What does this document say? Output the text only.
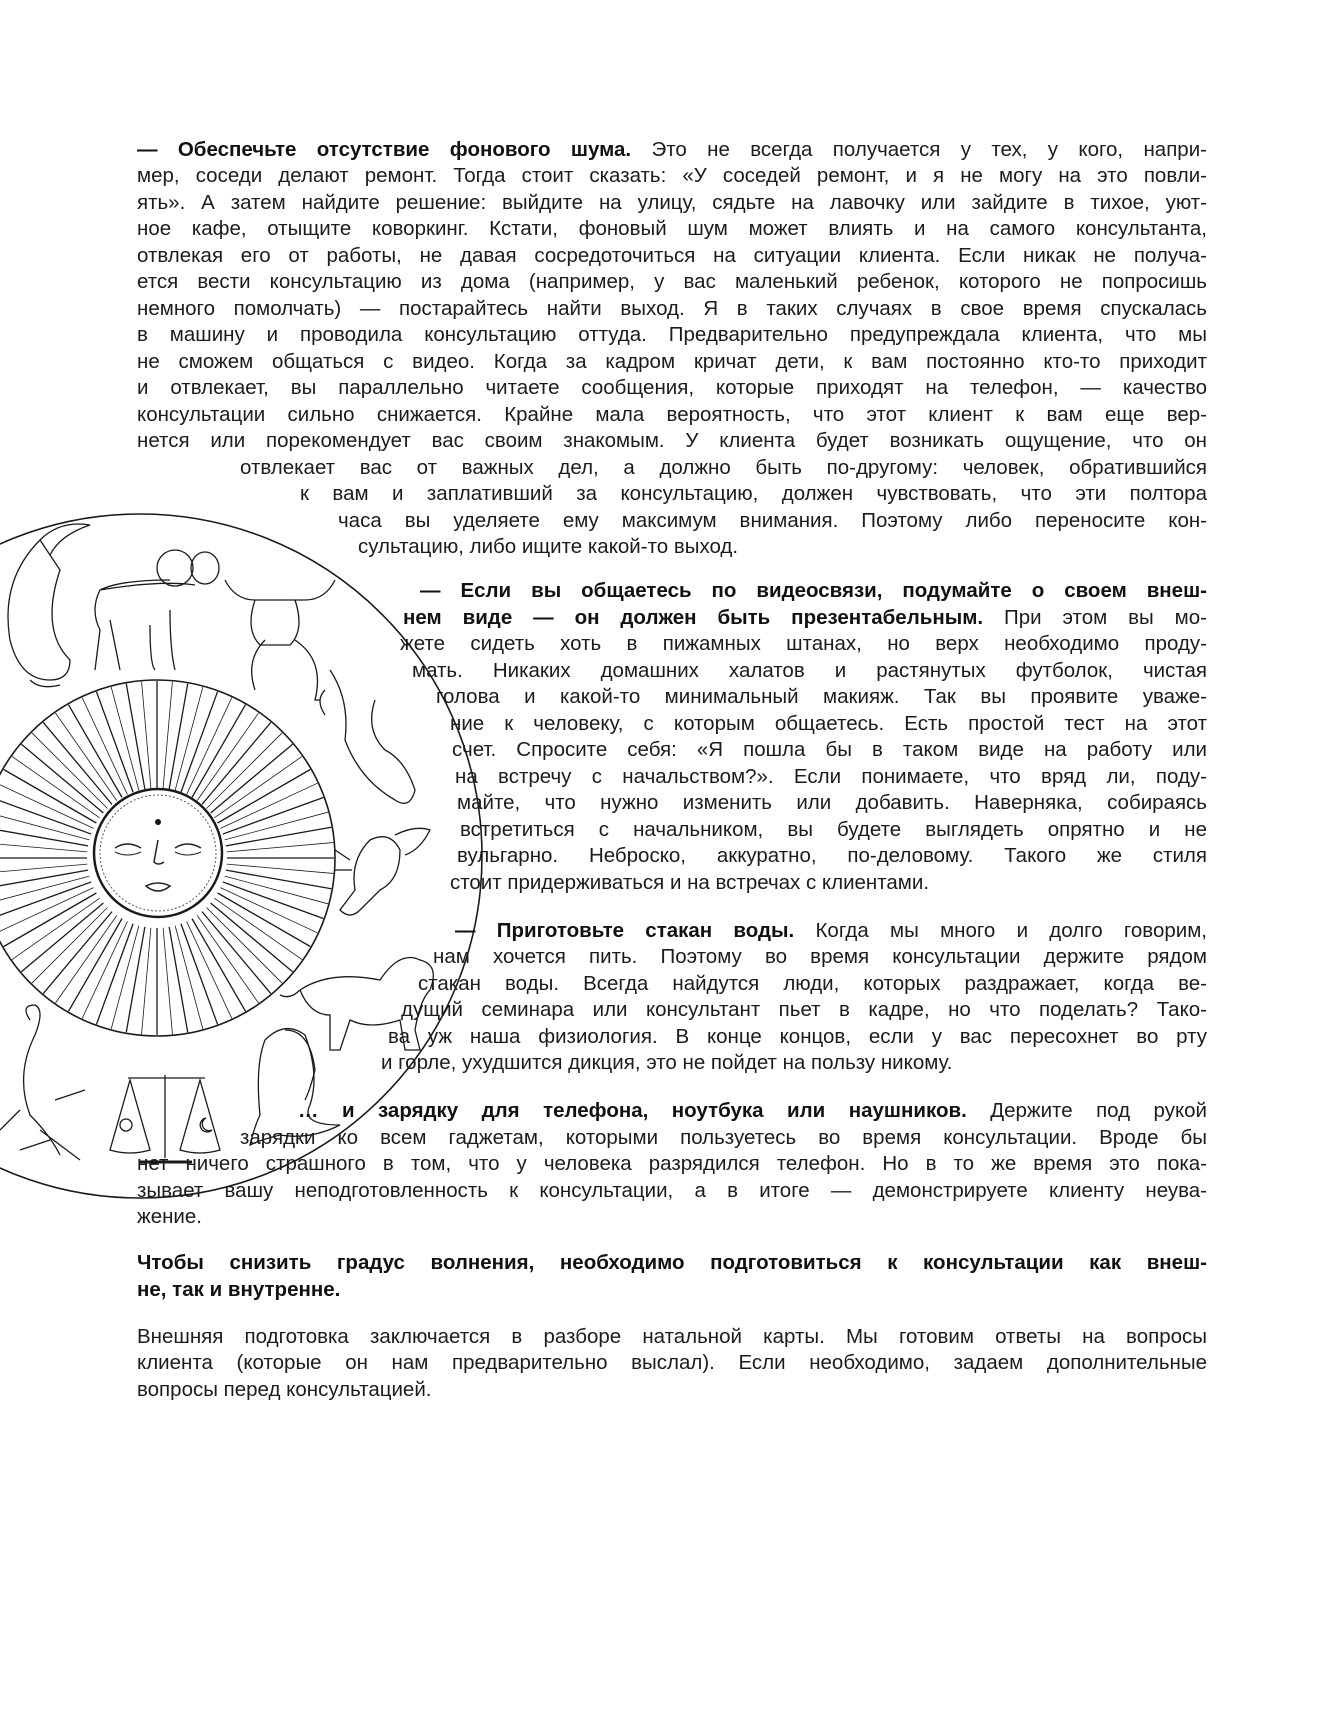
— Обеспечьте отсутствие фонового шума. Это не всегда получается у тех, у кого, напри-
мер, соседи делают ремонт. Тогда стоит сказать: «У соседей ремонт, и я не могу на это повли-
ять». А затем найдите решение: выйдите на улицу, сядьте на лавочку или зайдите в тихое, уют-
ное кафе, отыщите коворкинг. Кстати, фоновый шум может влиять и на самого консультанта,
отвлекая его от работы, не давая сосредоточиться на ситуации клиента. Если никак не получа-
ется вести консультацию из дома (например, у вас маленький ребенок, которого не попросишь
немного помолчать) — постарайтесь найти выход. Я в таких случаях в свое время спускалась
в машину и проводила консультацию оттуда. Предварительно предупреждала клиента, что мы
не сможем общаться с видео. Когда за кадром кричат дети, к вам постоянно кто-то приходит
и отвлекает, вы параллельно читаете сообщения, которые приходят на телефон, — качество
консультации сильно снижается. Крайне мала вероятность, что этот клиент к вам еще вер-
нется или порекомендует вас своим знакомым. У клиента будет возникать ощущение, что он
отвлекает вас от важных дел, а должно быть по-другому: человек, обратившийся
к вам и заплативший за консультацию, должен чувствовать, что эти полтора
часа вы уделяете ему максимум внимания. Поэтому либо переносите кон-
сультацию, либо ищите какой-то выход.
— Если вы общаетесь по видеосвязи, подумайте о своем внеш-
нем виде — он должен быть презентабельным. При этом вы мо-
жете сидеть хоть в пижамных штанах, но верх необходимо проду-
мать. Никаких домашних халатов и растянутых футболок, чистая
голова и какой-то минимальный макияж. Так вы проявите уваже-
ние к человеку, с которым общаетесь. Есть простой тест на этот
счет. Спросите себя: «Я пошла бы в таком виде на работу или
на встречу с начальством?». Если понимаете, что вряд ли, поду-
майте, что нужно изменить или добавить. Наверняка, собираясь
встретиться с начальником, вы будете выглядеть опрятно и не
вульгарно. Неброско, аккуратно, по-деловому. Такого же стиля
стоит придерживаться и на встречах с клиентами.
— Приготовьте стакан воды. Когда мы много и долго говорим,
нам хочется пить. Поэтому во время консультации держите рядом
стакан воды. Всегда найдутся люди, которых раздражает, когда ве-
дущий семинара или консультант пьет в кадре, но что поделать? Тако-
ва уж наша физиология. В конце концов, если у вас пересохнет во рту
и горле, ухудшится дикция, это не пойдет на пользу никому.
… и зарядку для телефона, ноутбука или наушников. Держите под рукой
зарядки ко всем гаджетам, которыми пользуетесь во время консультации. Вроде бы
нет ничего страшного в том, что у человека разрядился телефон. Но в то же время это пока-
зывает вашу неподготовленность к консультации, а в итоге — демонстрируете клиенту неува-
жение.
Чтобы снизить градус волнения, необходимо подготовиться к консультации как внеш-
не, так и внутренне.
Внешняя подготовка заключается в разборе натальной карты. Мы готовим ответы на вопросы
клиента (которые он нам предварительно выслал). Если необходимо, задаем дополнительные
вопросы перед консультацией.
